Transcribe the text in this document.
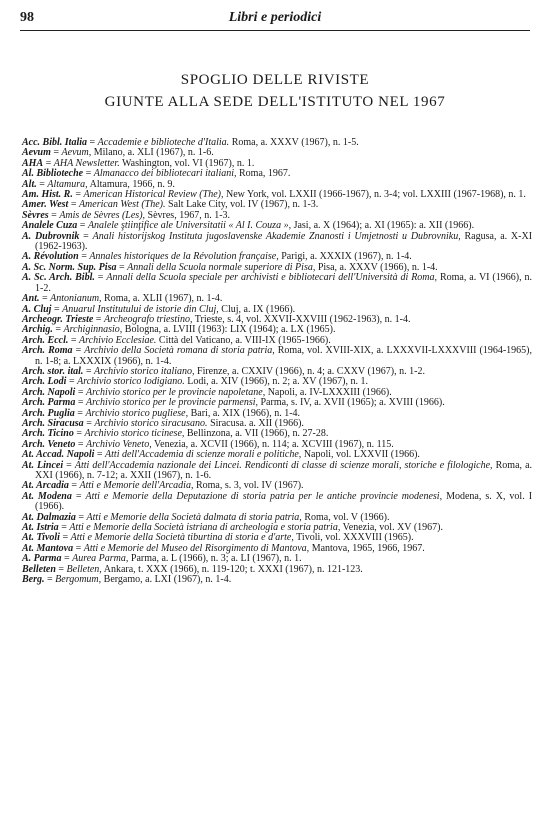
98	Libri e periodici
SPOGLIO DELLE RIVISTE
GIUNTE ALLA SEDE DELL'ISTITUTO NEL 1967
Acc. Bibl. Italia = Accademie e biblioteche d'Italia. Roma, a. XXXV (1967), n. 1-5.
Aevum = Aevum, Milano, a. XLI (1967), n. 1-6.
AHA = AHA Newsletter. Washington, vol. VI (1967), n. 1.
Al. Biblioteche = Almanacco dei bibliotecari italiani, Roma, 1967.
Alt. = Altamura, Altamura, 1966, n. 9.
Am. Hist. R. = American Historical Review (The), New York, vol. LXXII (1966-1967), n. 3-4; vol. LXXIII (1967-1968), n. 1.
Amer. West = American West (The). Salt Lake City, vol. IV (1967), n. 1-3.
Sèvres = Amis de Sèvres (Les), Sèvres, 1967, n. 1-3.
Analele Cuza = Analele ştiinţifice ale Universitatii « Al I. Couza », Jasi, a. X (1964); a. XI (1965): a. XII (1966).
A. Dubrovnik = Anali historijskog Instituta jugoslavenske Akademie Znanosti i Umjetnosti u Dubrovniku, Ragusa, a. X-XI (1962-1963).
A. Révolution = Annales historiques de la Révolution française, Parigi, a. XXXIX (1967), n. 1-4.
A. Sc. Norm. Sup. Pisa = Annali della Scuola normale superiore di Pisa, Pisa, a. XXXV (1966), n. 1-4.
A. Sc. Arch. Bibl. = Annali della Scuola speciale per archivisti e bibliotecari dell'Università di Roma, Roma, a. VI (1966), n. 1-2.
Ant. = Antonianum, Roma, a. XLII (1967), n. 1-4.
A. Cluj = Anuarul Institutului de istorie din Cluj, Cluj, a. IX (1966).
Archeogr. Trieste = Archeografo triestino, Trieste, s. 4, vol. XXVII-XXVIII (1962-1963), n. 1-4.
Archig. = Archiginnasio, Bologna, a. LVIII (1963): LIX (1964); a. LX (1965).
Arch. Eccl. = Archivio Ecclesiae. Città del Vaticano, a. VIII-IX (1965-1966).
Arch. Roma = Archivio della Società romana di storia patria, Roma, vol. XVIII-XIX, a. LXXXVII-LXXXVIII (1964-1965), n. 1-8; a. LXXXIX (1966), n. 1-4.
Arch. stor. ital. = Archivio storico italiano, Firenze, a. CXXIV (1966), n. 4; a. CXXV (1967), n. 1-2.
Arch. Lodi = Archivio storico lodigiano. Lodi, a. XIV (1966), n. 2; a. XV (1967), n. 1.
Arch. Napoli = Archivio storico per le provincie napoletane, Napoli, a. IV-LXXXIII (1966).
Arch. Parma = Archivio storico per le provincie parmensi, Parma, s. IV, a. XVII (1965); a. XVIII (1966).
Arch. Puglia = Archivio storico pugliese, Bari, a. XIX (1966), n. 1-4.
Arch. Siracusa = Archivio storico siracusano. Siracusa. a. XII (1966).
Arch. Ticino = Archivio storico ticinese, Bellinzona, a. VII (1966), n. 27-28.
Arch. Veneto = Archivio Veneto, Venezia, a. XCVII (1966), n. 114; a. XCVIII (1967), n. 115.
At. Accad. Napoli = Atti dell'Accademia di scienze morali e politiche, Napoli, vol. LXXVII (1966).
At. Lincei = Atti dell'Accademia nazionale dei Lincei. Rendiconti di classe di scienze morali, storiche e filologiche, Roma, a. XXI (1966), n. 7-12; a. XXII (1967), n. 1-6.
At. Arcadia = Atti e Memorie dell'Arcadia, Roma, s. 3, vol. IV (1967).
At. Modena = Atti e Memorie della Deputazione di storia patria per le antiche provincie modenesi, Modena, s. X, vol. I (1966).
At. Dalmazia = Atti e Memorie della Società dalmata di storia patria, Roma, vol. V (1966).
At. Istria = Atti e Memorie della Società istriana di archeologia e storia patria, Venezia, vol. XV (1967).
At. Tivoli = Atti e Memorie della Società tiburtina di storia e d'arte, Tivoli, vol. XXXVIII (1965).
At. Mantova = Atti e Memorie del Museo del Risorgimento di Mantova, Mantova, 1965, 1966, 1967.
A. Parma = Aurea Parma, Parma, a. L (1966), n. 3; a. LI (1967), n. 1.
Belleten = Belleten, Ankara, t. XXX (1966), n. 119-120; t. XXXI (1967), n. 121-123.
Berg. = Bergomum, Bergamo, a. LXI (1967), n. 1-4.
